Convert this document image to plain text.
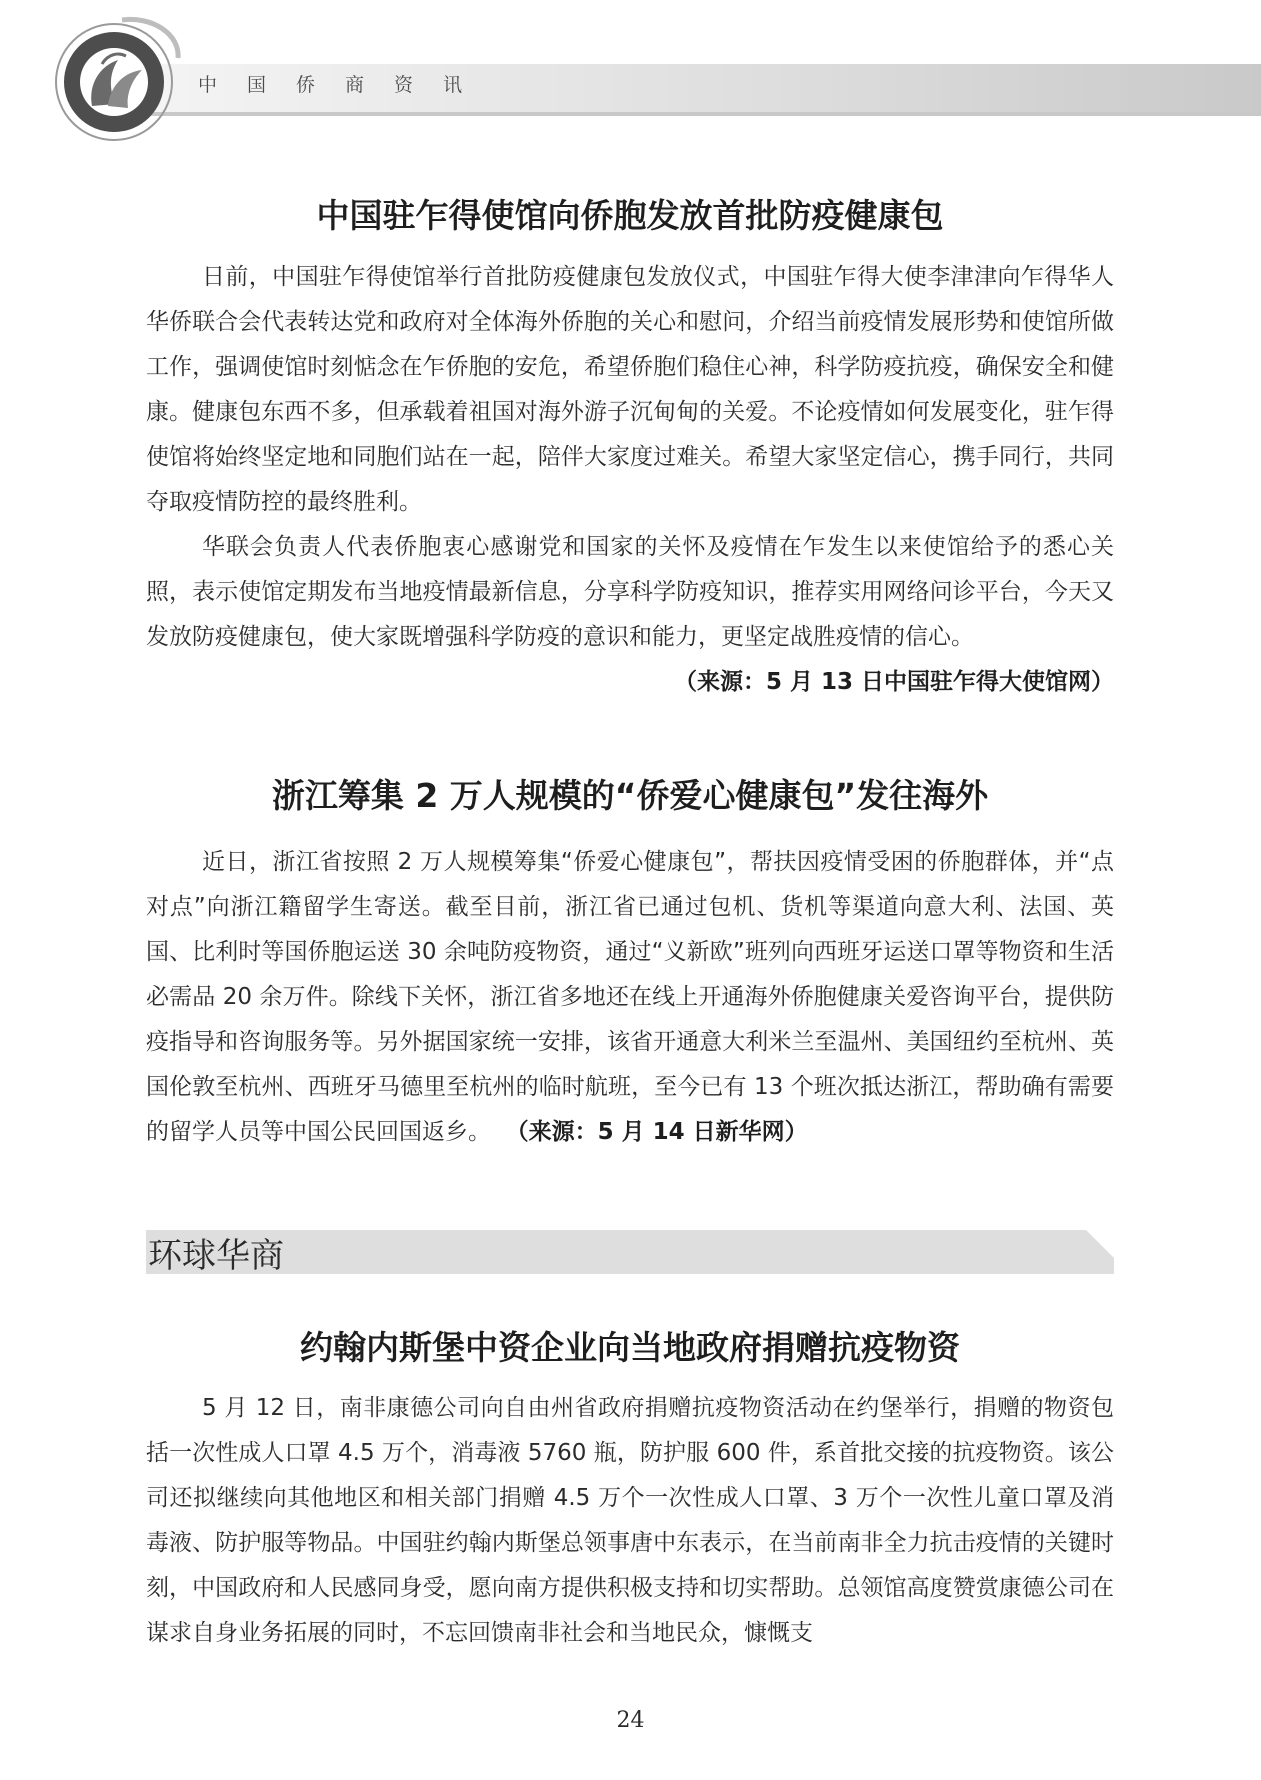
中国侨商资讯
中国驻乍得使馆向侨胞发放首批防疫健康包

日前，中国驻乍得使馆举行首批防疫健康包发放仪式，中国驻乍得大使李津津向乍得华人华侨联合会代表转达党和政府对全体海外侨胞的关心和慰问，介绍当前疫情发展形势和使馆所做工作，强调使馆时刻惦念在乍侨胞的安危，希望侨胞们稳住心神，科学防疫抗疫，确保安全和健康。健康包东西不多，但承载着祖国对海外游子沉甸甸的关爱。不论疫情如何发展变化，驻乍得使馆将始终坚定地和同胞们站在一起，陪伴大家度过难关。希望大家坚定信心，携手同行，共同夺取疫情防控的最终胜利。

华联会负责人代表侨胞衷心感谢党和国家的关怀及疫情在乍发生以来使馆给予的悉心关照，表示使馆定期发布当地疫情最新信息，分享科学防疫知识，推荐实用网络问诊平台，今天又发放防疫健康包，使大家既增强科学防疫的意识和能力，更坚定战胜疫情的信心。

（来源：5 月 13 日中国驻乍得大使馆网）
浙江筹集 2 万人规模的“侨爱心健康包”发往海外

近日，浙江省按照 2 万人规模筹集“侨爱心健康包”，帮扶因疫情受困的侨胞群体，并“点对点”向浙江籍留学生寄送。截至目前，浙江省已通过包机、货机等渠道向意大利、法国、英国、比利时等国侨胞运送 30 余吨防疫物资，通过“义新欧”班列向西班牙运送口罩等物资和生活必需品 20 余万件。除线下关怀，浙江省多地还在线上开通海外侨胞健康关爱咨询平台，提供防疫指导和咨询服务等。另外据国家统一安排，该省开通意大利米兰至温州、美国纽约至杭州、英国伦敦至杭州、西班牙马德里至杭州的临时航班，至今已有 13 个班次抵达浙江，帮助确有需要的留学人员等中国公民回国返乡。 （来源：5 月 14 日新华网）

环球华商
约翰内斯堡中资企业向当地政府捐赠抗疫物资

5 月 12 日，南非康德公司向自由州省政府捐赠抗疫物资活动在约堡举行，捐赠的物资包括一次性成人口罩 4.5 万个，消毒液 5760 瓶，防护服 600 件，系首批交接的抗疫物资。该公司还拟继续向其他地区和相关部门捐赠 4.5 万个一次性成人口罩、3 万个一次性儿童口罩及消毒液、防护服等物品。中国驻约翰内斯堡总领事唐中东表示，在当前南非全力抗击疫情的关键时刻，中国政府和人民感同身受，愿向南方提供积极支持和切实帮助。总领馆高度赞赏康德公司在谋求自身业务拓展的同时，不忘回馈南非社会和当地民众，慷慨支

24
